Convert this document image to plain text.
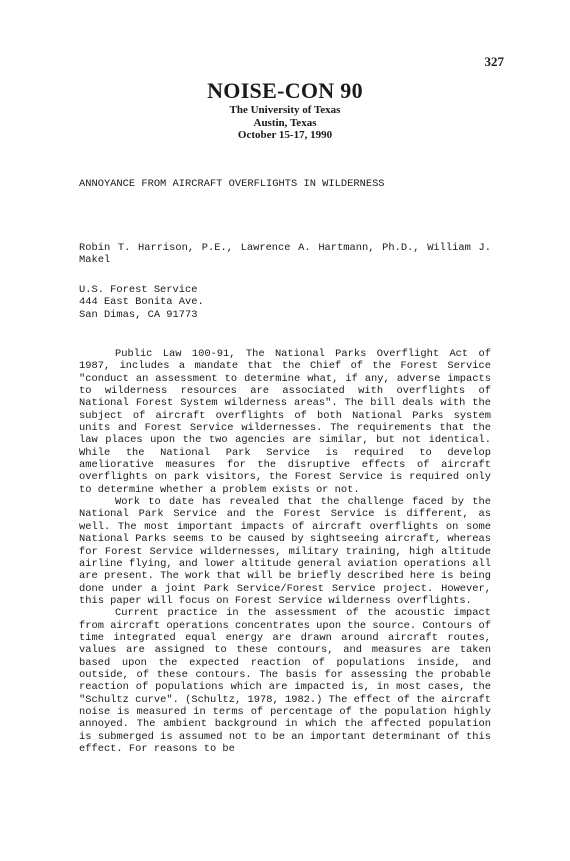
327
NOISE-CON 90
The University of Texas
Austin, Texas
October 15-17, 1990
ANNOYANCE FROM AIRCRAFT OVERFLIGHTS IN WILDERNESS
Robin T. Harrison, P.E., Lawrence A. Hartmann, Ph.D., William J. Makel
U.S. Forest Service
444 East Bonita Ave.
San Dimas, CA 91773

Public Law 100-91, The National Parks Overflight Act of 1987, includes a mandate that the Chief of the Forest Service "conduct an assessment to determine what, if any, adverse impacts to wilderness resources are associated with overflights of National Forest System wilderness areas". The bill deals with the subject of aircraft overflights of both National Parks system units and Forest Service wildernesses. The requirements that the law places upon the two agencies are similar, but not identical. While the National Park Service is required to develop ameliorative measures for the disruptive effects of aircraft overflights on park visitors, the Forest Service is required only to determine whether a problem exists or not.

Work to date has revealed that the challenge faced by the National Park Service and the Forest Service is different, as well. The most important impacts of aircraft overflights on some National Parks seems to be caused by sightseeing aircraft, whereas for Forest Service wildernesses, military training, high altitude airline flying, and lower altitude general aviation operations all are present. The work that will be briefly described here is being done under a joint Park Service/Forest Service project. However, this paper will focus on Forest Service wilderness overflights.

Current practice in the assessment of the acoustic impact from aircraft operations concentrates upon the source. Contours of time integrated equal energy are drawn around aircraft routes, values are assigned to these contours, and measures are taken based upon the expected reaction of populations inside, and outside, of these contours. The basis for assessing the probable reaction of populations which are impacted is, in most cases, the "Schultz curve". (Schultz, 1978, 1982.) The effect of the aircraft noise is measured in terms of percentage of the population highly annoyed. The ambient background in which the affected population is submerged is assumed not to be an important determinant of this effect. For reasons to be
